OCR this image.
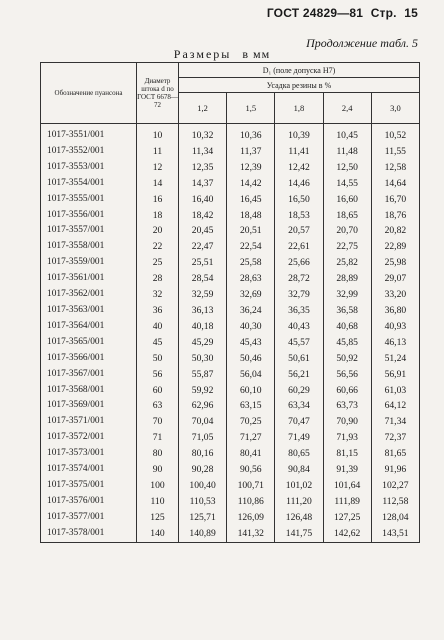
ГОСТ 24829—81 Стр. 15
Продолжение табл. 5
Размеры в мм
Обозначение пуансона	Диаметр штока d по ГОСТ 6678—72	D₁ (поле допуска H7)				
		Усадка резины в %				
		1,2	1,5	1,8	2,4	3,0
1017-3551/001	10	10,32	10,36	10,39	10,45	10,52
1017-3552/001	11	11,34	11,37	11,41	11,48	11,55
1017-3553/001	12	12,35	12,39	12,42	12,50	12,58
1017-3554/001	14	14,37	14,42	14,46	14,55	14,64
1017-3555/001	16	16,40	16,45	16,50	16,60	16,70
1017-3556/001	18	18,42	18,48	18,53	18,65	18,76
1017-3557/001	20	20,45	20,51	20,57	20,70	20,82
1017-3558/001	22	22,47	22,54	22,61	22,75	22,89
1017-3559/001	25	25,51	25,58	25,66	25,82	25,98
1017-3561/001	28	28,54	28,63	28,72	28,89	29,07
1017-3562/001	32	32,59	32,69	32,79	32,99	33,20
1017-3563/001	36	36,13	36,24	36,35	36,58	36,80
1017-3564/001	40	40,18	40,30	40,43	40,68	40,93
1017-3565/001	45	45,29	45,43	45,57	45,85	46,13
1017-3566/001	50	50,30	50,46	50,61	50,92	51,24
1017-3567/001	56	55,87	56,04	56,21	56,56	56,91
1017-3568/001	60	59,92	60,10	60,29	60,66	61,03
1017-3569/001	63	62,96	63,15	63,34	63,73	64,12
1017-3571/001	70	70,04	70,25	70,47	70,90	71,34
1017-3572/001	71	71,05	71,27	71,49	71,93	72,37
1017-3573/001	80	80,16	80,41	80,65	81,15	81,65
1017-3574/001	90	90,28	90,56	90,84	91,39	91,96
1017-3575/001	100	100,40	100,71	101,02	101,64	102,27
1017-3576/001	110	110,53	110,86	111,20	111,89	112,58
1017-3577/001	125	125,71	126,09	126,48	127,25	128,04
1017-3578/001	140	140,89	141,32	141,75	142,62	143,51
